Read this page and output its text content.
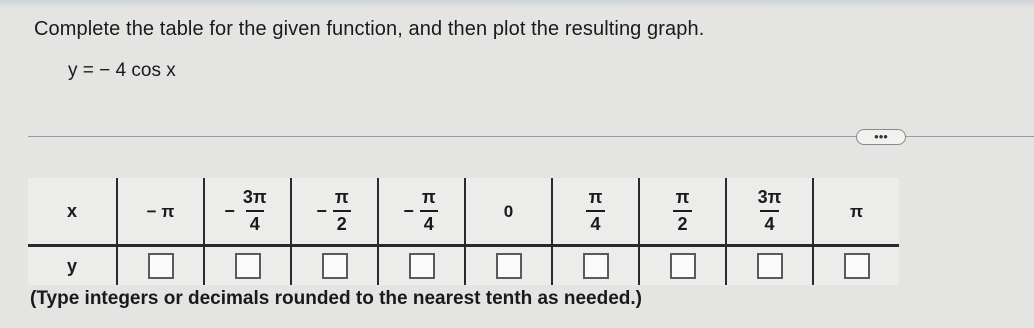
Complete the table for the given function, and then plot the resulting graph.
y = − 4 cos x
•••
x	− π	− $\frac{3\pi}{4}$	− $\frac{\pi}{2}$	− $\frac{\pi}{4}$	0	$\frac{\pi}{4}$	$\frac{\pi}{2}$	$\frac{3\pi}{4}$	π
y									
(Type integers or decimals rounded to the nearest tenth as needed.)
